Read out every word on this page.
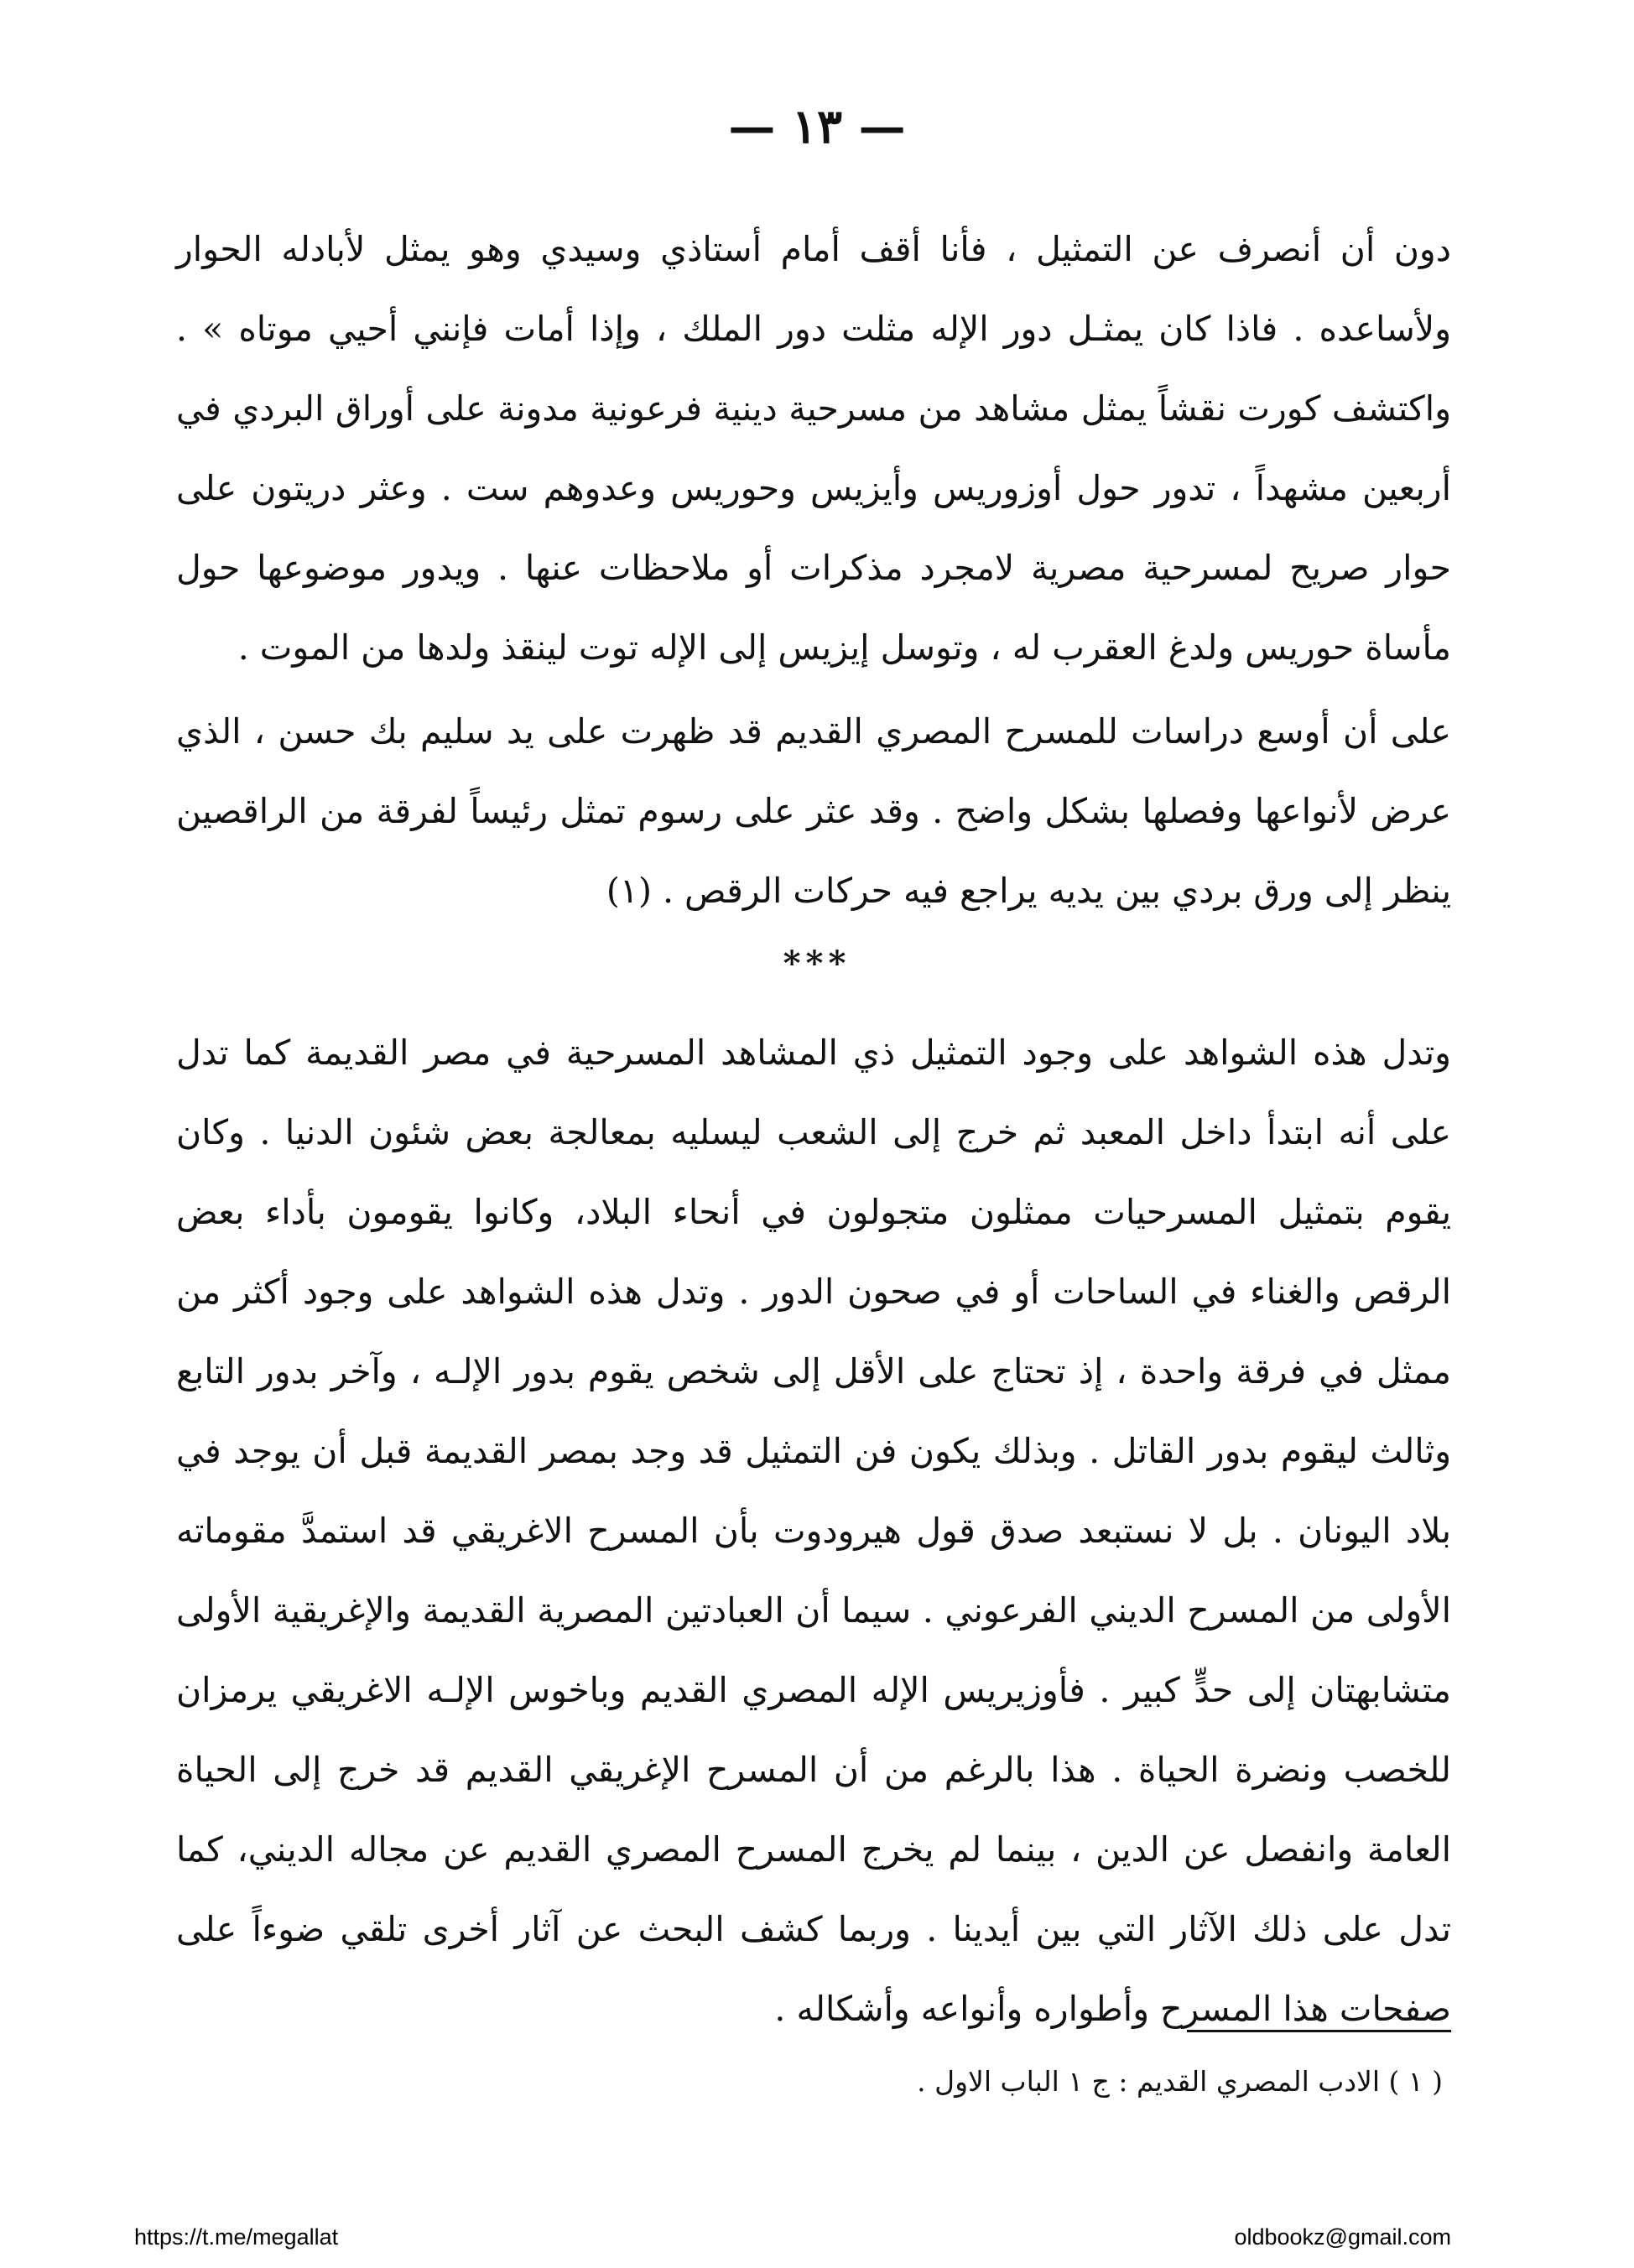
— ١٣ —

دون أن أنصرف عن التمثيل ، فأنا أقف أمام أستاذي وسيدي وهو يمثل لأبادله الحوار ولأساعده . فاذا كان يمثـل دور الإله مثلت دور الملك ، وإذا أمات فإنني أحيي موتاه » . واكتشف كورت نقشاً يمثل مشاهد من مسرحية دينية فرعونية مدونة على أوراق البردي في أربعين مشهداً ، تدور حول أوزوريس وأيزيس وحوريس وعدوهم ست . وعثر دريتون على حوار صريح لمسرحية مصرية لامجرد مذكرات أو ملاحظات عنها . ويدور موضوعها حول مأساة حوريس ولدغ العقرب له ، وتوسل إيزيس إلى الإله توت لينقذ ولدها من الموت .

على أن أوسع دراسات للمسرح المصري القديم قد ظهرت على يد سليم بك حسن ، الذي عرض لأنواعها وفصلها بشكل واضح . وقد عثر على رسوم تمثل رئيساً لفرقة من الراقصين ينظر إلى ورق بردي بين يديه يراجع فيه حركات الرقص . (١)

***

وتدل هذه الشواهد على وجود التمثيل ذي المشاهد المسرحية في مصر القديمة كما تدل على أنه ابتدأ داخل المعبد ثم خرج إلى الشعب ليسليه بمعالجة بعض شئون الدنيا . وكان يقوم بتمثيل المسرحيات ممثلون متجولون في أنحاء البلاد، وكانوا يقومون بأداء بعض الرقص والغناء في الساحات أو في صحون الدور . وتدل هذه الشواهد على وجود أكثر من ممثل في فرقة واحدة ، إذ تحتاج على الأقل إلى شخص يقوم بدور الإلـه ، وآخر بدور التابع وثالث ليقوم بدور القاتل . وبذلك يكون فن التمثيل قد وجد بمصر القديمة قبل أن يوجد في بلاد اليونان . بل لا نستبعد صدق قول هيرودوت بأن المسرح الاغريقي قد استمدَّ مقوماته الأولى من المسرح الديني الفرعوني . سيما أن العبادتين المصرية القديمة والإغريقية الأولى متشابهتان إلى حدٍّ كبير . فأوزيريس الإله المصري القديم وباخوس الإلـه الاغريقي يرمزان للخصب ونضرة الحياة . هذا بالرغم من أن المسرح الإغريقي القديم قد خرج إلى الحياة العامة وانفصل عن الدين ، بينما لم يخرج المسرح المصري القديم عن مجاله الديني، كما تدل على ذلك الآثار التي بين أيدينا . وربما كشف البحث عن آثار أخرى تلقي ضوءاً على صفحات هذا المسرح وأطواره وأنواعه وأشكاله .

( ١ ) الادب المصري القديم : ج ١ الباب الاول .
https://t.me/megallat	oldbookz@gmail.com
